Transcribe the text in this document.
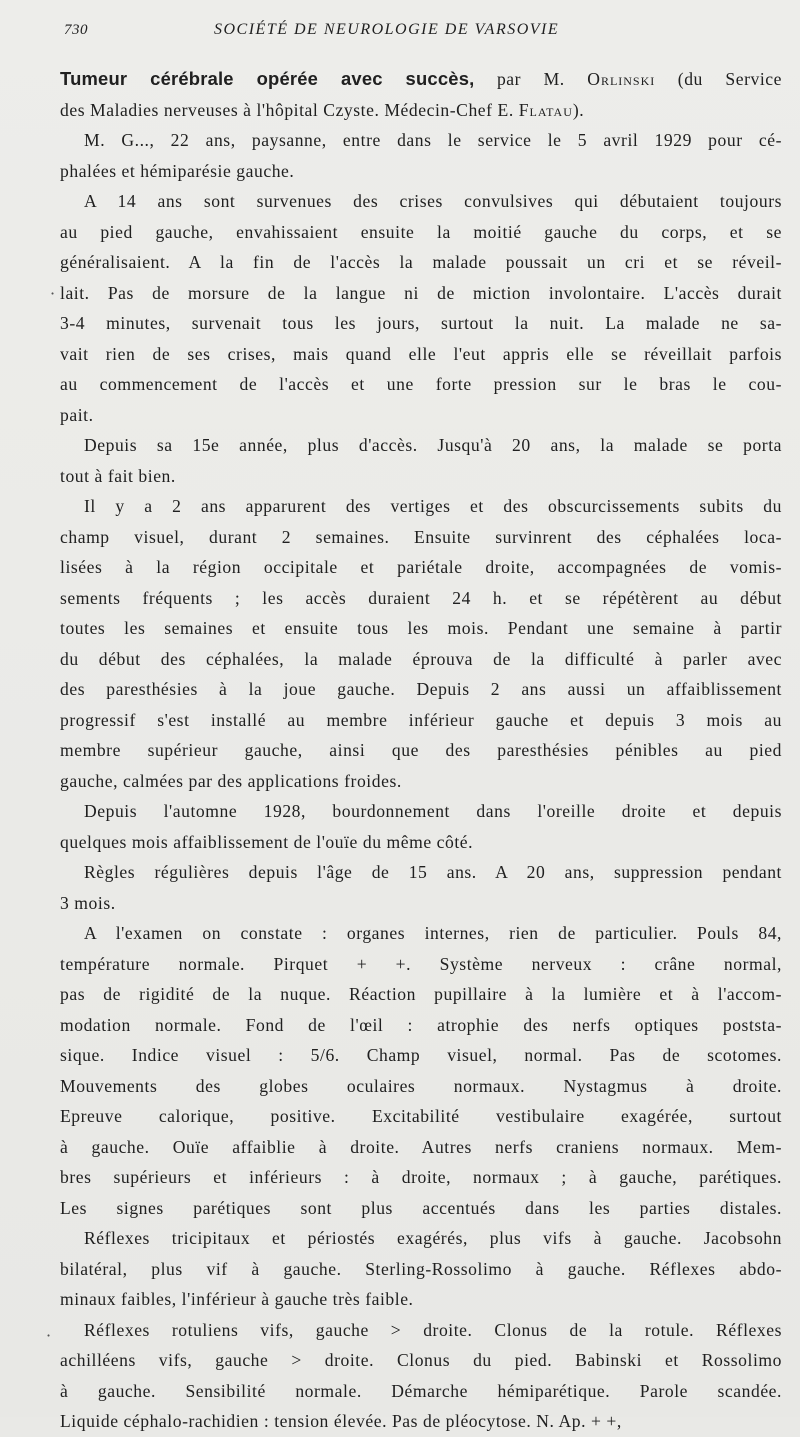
730	SOCIÉTÉ DE NEUROLOGIE DE VARSOVIE
Tumeur cérébrale opérée avec succès, par M. Orlinski (du Service
des Maladies nerveuses à l'hôpital Czyste. Médecin-Chef E. Flatau).
M. G..., 22 ans, paysanne, entre dans le service le 5 avril 1929 pour cé-
phalées et hémiparésie gauche.
A 14 ans sont survenues des crises convulsives qui débutaient toujours
au pied gauche, envahissaient ensuite la moitié gauche du corps, et se
généralisaient. A la fin de l'accès la malade poussait un cri et se réveil-
lait. Pas de morsure de la langue ni de miction involontaire. L'accès durait
3-4 minutes, survenait tous les jours, surtout la nuit. La malade ne sa-
vait rien de ses crises, mais quand elle l'eut appris elle se réveillait parfois
au commencement de l'accès et une forte pression sur le bras le cou-
pait.
Depuis sa 15e année, plus d'accès. Jusqu'à 20 ans, la malade se porta
tout à fait bien.
Il y a 2 ans apparurent des vertiges et des obscurcissements subits du
champ visuel, durant 2 semaines. Ensuite survinrent des céphalées loca-
lisées à la région occipitale et pariétale droite, accompagnées de vomis-
sements fréquents ; les accès duraient 24 h. et se répétèrent au début
toutes les semaines et ensuite tous les mois. Pendant une semaine à partir
du début des céphalées, la malade éprouva de la difficulté à parler avec
des paresthésies à la joue gauche. Depuis 2 ans aussi un affaiblissement
progressif s'est installé au membre inférieur gauche et depuis 3 mois au
membre supérieur gauche, ainsi que des paresthésies pénibles au pied
gauche, calmées par des applications froides.
Depuis l'automne 1928, bourdonnement dans l'oreille droite et depuis
quelques mois affaiblissement de l'ouïe du même côté.
Règles régulières depuis l'âge de 15 ans. A 20 ans, suppression pendant
3 mois.
A l'examen on constate : organes internes, rien de particulier. Pouls 84,
température normale. Pirquet + +. Système nerveux : crâne normal,
pas de rigidité de la nuque. Réaction pupillaire à la lumière et à l'accom-
modation normale. Fond de l'œil : atrophie des nerfs optiques poststa-
sique. Indice visuel : 5/6. Champ visuel, normal. Pas de scotomes.
Mouvements des globes oculaires normaux. Nystagmus à droite.
Epreuve calorique, positive. Excitabilité vestibulaire exagérée, surtout
à gauche. Ouïe affaiblie à droite. Autres nerfs craniens normaux. Mem-
bres supérieurs et inférieurs : à droite, normaux ; à gauche, parétiques.
Les signes parétiques sont plus accentués dans les parties distales.
Réflexes tricipitaux et périostés exagérés, plus vifs à gauche. Jacobsohn
bilatéral, plus vif à gauche. Sterling-Rossolimo à gauche. Réflexes abdo-
minaux faibles, l'inférieur à gauche très faible.
Réflexes rotuliens vifs, gauche > droite. Clonus de la rotule. Réflexes
achilléens vifs, gauche > droite. Clonus du pied. Babinski et Rossolimo
à gauche. Sensibilité normale. Démarche hémiparétique. Parole scandée.
Liquide céphalo-rachidien : tension élevée. Pas de pléocytose. N. Ap. + +,
·
·
